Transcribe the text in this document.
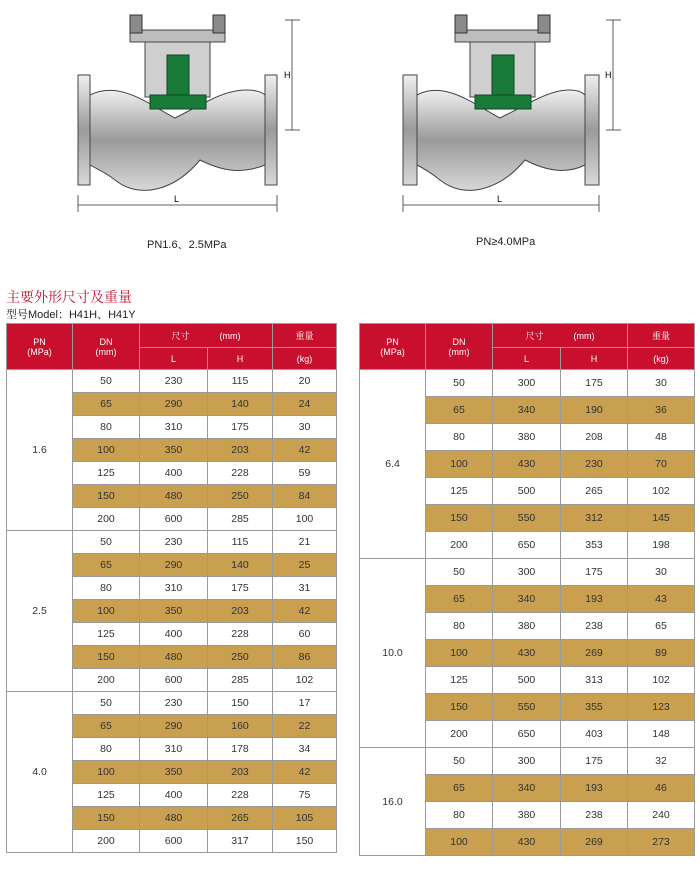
L
H
L
H
PN1.6、2.5MPa	PN≥4.0MPa
主要外形尺寸及重量
型号Model：H41H、H41Y
PN
(MPa)	DN
(mm)	尺寸 (mm)		重量
		L	H	(kg)
1.6	50	230	115	20
	65	290	140	24
	80	310	175	30
	100	350	203	42
	125	400	228	59
	150	480	250	84
	200	600	285	100
2.5	50	230	115	21
	65	290	140	25
	80	310	175	31
	100	350	203	42
	125	400	228	60
	150	480	250	86
	200	600	285	102
4.0	50	230	150	17
	65	290	160	22
	80	310	178	34
	100	350	203	42
	125	400	228	75
	150	480	265	105
	200	600	317	150
PN
(MPa)	DN
(mm)	尺寸 (mm)		重量
		L	H	(kg)
6.4	50	300	175	30
	65	340	190	36
	80	380	208	48
	100	430	230	70
	125	500	265	102
	150	550	312	145
	200	650	353	198
10.0	50	300	175	30
	65	340	193	43
	80	380	238	65
	100	430	269	89
	125	500	313	102
	150	550	355	123
	200	650	403	148
16.0	50	300	175	32
	65	340	193	46
	80	380	238	240
	100	430	269	273
